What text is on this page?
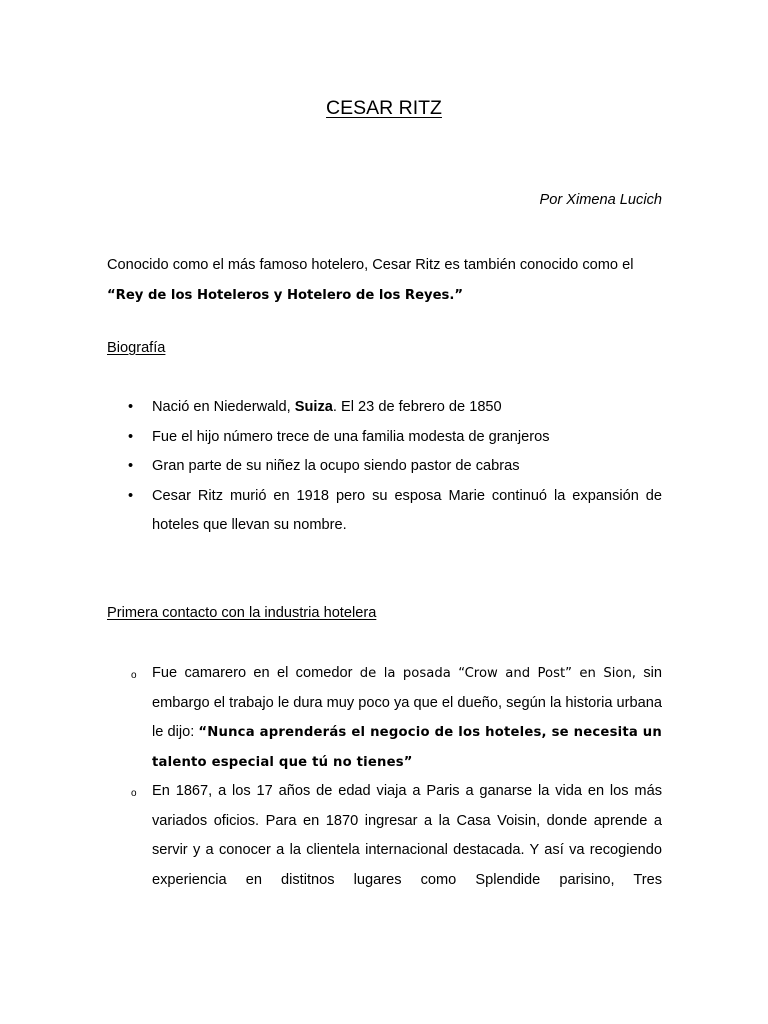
CESAR RITZ

Por Ximena Lucich

Conocido como el más famoso hotelero, Cesar Ritz es también conocido como el
“Rey de los Hoteleros y Hotelero de los Reyes.”

Biografía
• Nació en Niederwald, Suiza. El 23 de febrero de 1850
• Fue el hijo número trece de una familia modesta de granjeros
• Gran parte de su niñez la ocupo siendo pastor de cabras
• Cesar Ritz murió en 1918 pero su esposa Marie continuó la expansión de hoteles que llevan su nombre.
Primera contacto con la industria hotelera
o Fue camarero en el comedor de la posada “Crow and Post” en Sion, sin embargo el trabajo le dura muy poco ya que el dueño, según la historia urbana le dijo: “Nunca aprenderás el negocio de los hoteles, se necesita un talento especial que tú no tienes”
o En 1867, a los 17 años de edad viaja a Paris a ganarse la vida en los más variados oficios. Para en 1870 ingresar a la Casa Voisin, donde aprende a servir y a conocer a la clientela internacional destacada. Y así va recogiendo experiencia en distitnos lugares como Splendide parisino, Tres
